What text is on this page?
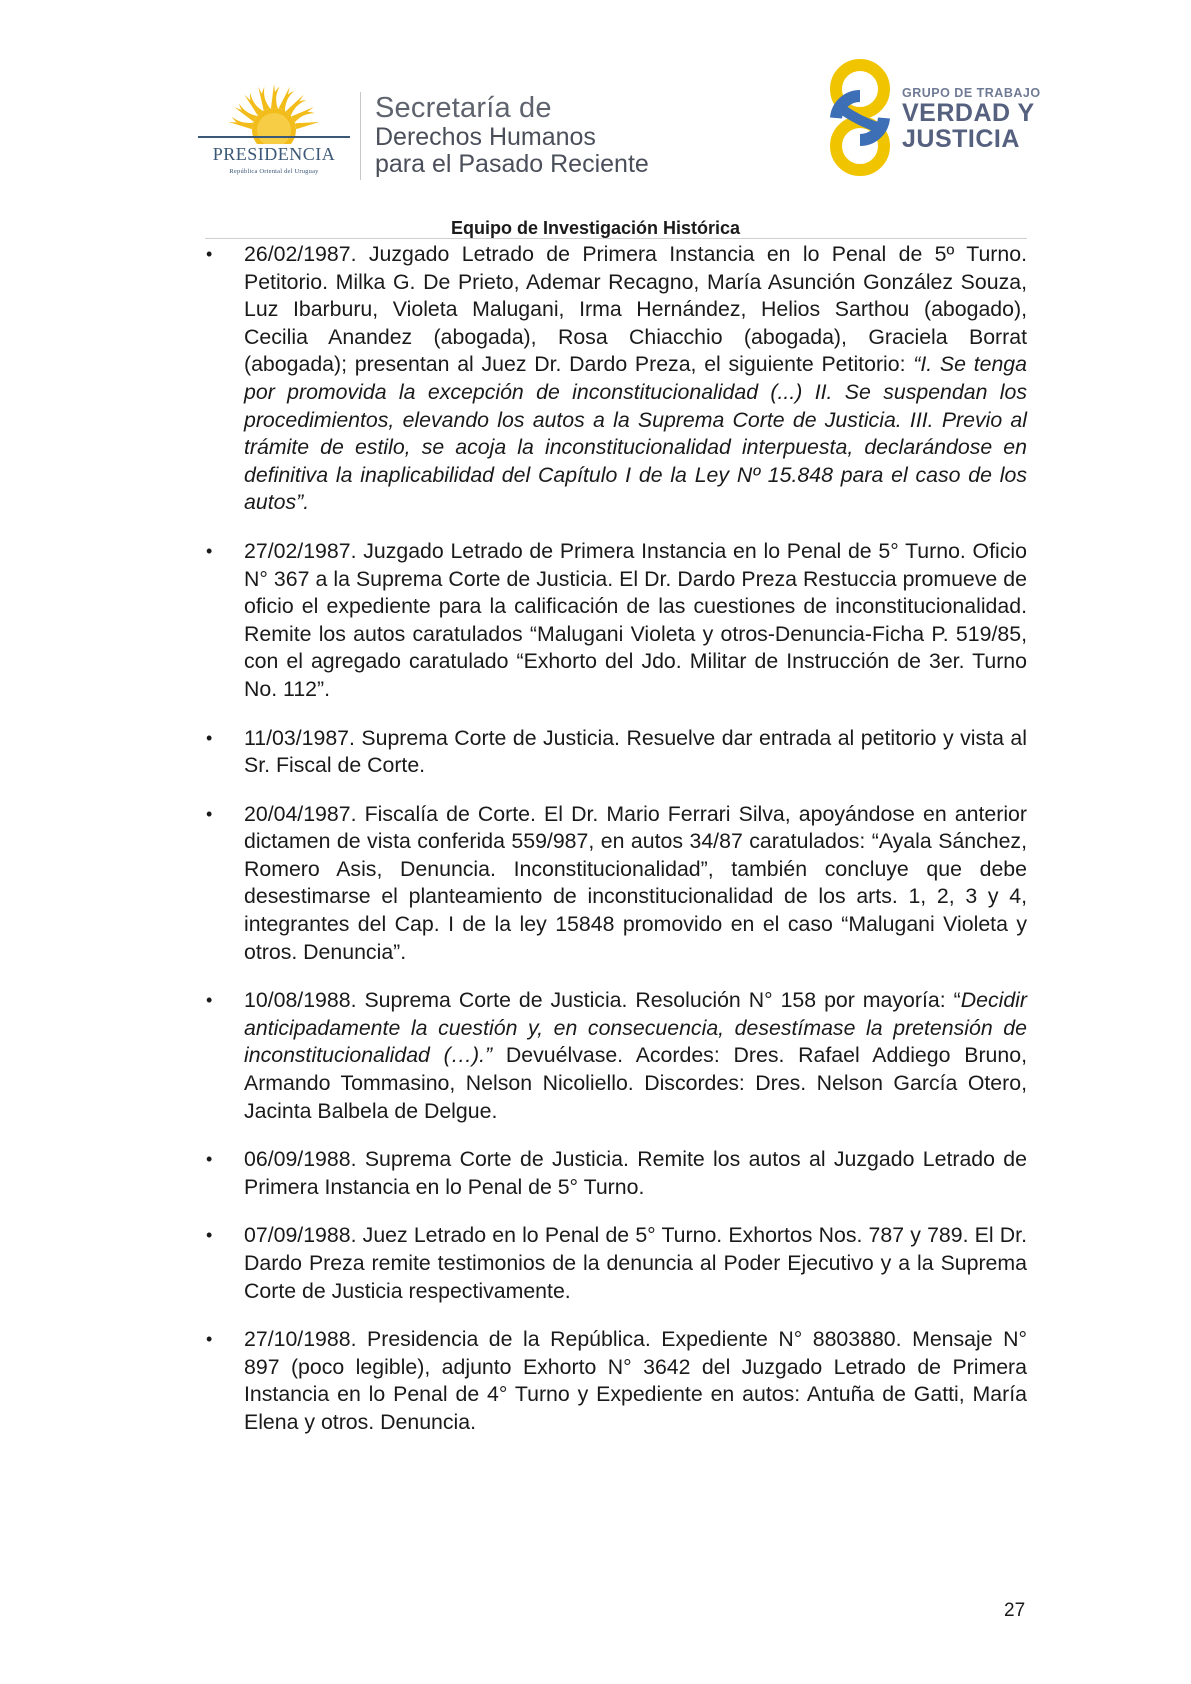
PRESIDENCIA
República Oriental del Uruguay
Secretaría de
Derechos Humanos
para el Pasado Reciente
GRUPO DE TRABAJO
VERDAD Y
JUSTICIA
Equipo de Investigación Histórica
•	26/02/1987. Juzgado Letrado de Primera Instancia en lo Penal de 5º Turno. Petitorio. Milka G. De Prieto, Ademar Recagno, María Asunción González Souza, Luz Ibarburu, Violeta Malugani, Irma Hernández, Helios Sarthou (abogado), Cecilia Anandez (abogada), Rosa Chiacchio (abogada), Graciela Borrat (abogada); presentan al Juez Dr. Dardo Preza, el siguiente Petitorio: “I. Se tenga por promovida la excepción de inconstitucionalidad (...) II. Se suspendan los procedimientos, elevando los autos a la Suprema Corte de Justicia. III. Previo al trámite de estilo, se acoja la inconstitucionalidad interpuesta, declarándose en definitiva la inaplicabilidad del Capítulo I de la Ley Nº 15.848 para el caso de los autos”.
•	27/02/1987. Juzgado Letrado de Primera Instancia en lo Penal de 5° Turno. Oficio N° 367 a la Suprema Corte de Justicia. El Dr. Dardo Preza Restuccia promueve de oficio el expediente para la calificación de las cuestiones de inconstitucionalidad. Remite los autos caratulados “Malugani Violeta y otros-Denuncia-Ficha P. 519/85, con el agregado caratulado “Exhorto del Jdo. Militar de Instrucción de 3er. Turno No. 112”.
•	11/03/1987. Suprema Corte de Justicia. Resuelve dar entrada al petitorio y vista al Sr. Fiscal de Corte.
•	20/04/1987. Fiscalía de Corte. El Dr. Mario Ferrari Silva, apoyándose en anterior dictamen de vista conferida 559/987, en autos 34/87 caratulados: “Ayala Sánchez, Romero Asis, Denuncia. Inconstitucionalidad”, también concluye que debe desestimarse el planteamiento de inconstitucionalidad de los arts. 1, 2, 3 y 4, integrantes del Cap. I de la ley 15848 promovido en el caso “Malugani Violeta y otros. Denuncia”.
•	10/08/1988. Suprema Corte de Justicia. Resolución N° 158 por mayoría: “Decidir anticipadamente la cuestión y, en consecuencia, desestímase la pretensión de inconstitucionalidad (…).” Devuélvase. Acordes: Dres. Rafael Addiego Bruno, Armando Tommasino, Nelson Nicoliello. Discordes: Dres. Nelson García Otero, Jacinta Balbela de Delgue.
•	06/09/1988. Suprema Corte de Justicia. Remite los autos al Juzgado Letrado de Primera Instancia en lo Penal de 5° Turno.
•	07/09/1988. Juez Letrado en lo Penal de 5° Turno. Exhortos Nos. 787 y 789. El Dr. Dardo Preza remite testimonios de la denuncia al Poder Ejecutivo y a la Suprema Corte de Justicia respectivamente.
•	27/10/1988. Presidencia de la República. Expediente N° 8803880. Mensaje N° 897 (poco legible), adjunto Exhorto N° 3642 del Juzgado Letrado de Primera Instancia en lo Penal de 4° Turno y Expediente en autos: Antuña de Gatti, María Elena y otros. Denuncia.
27
